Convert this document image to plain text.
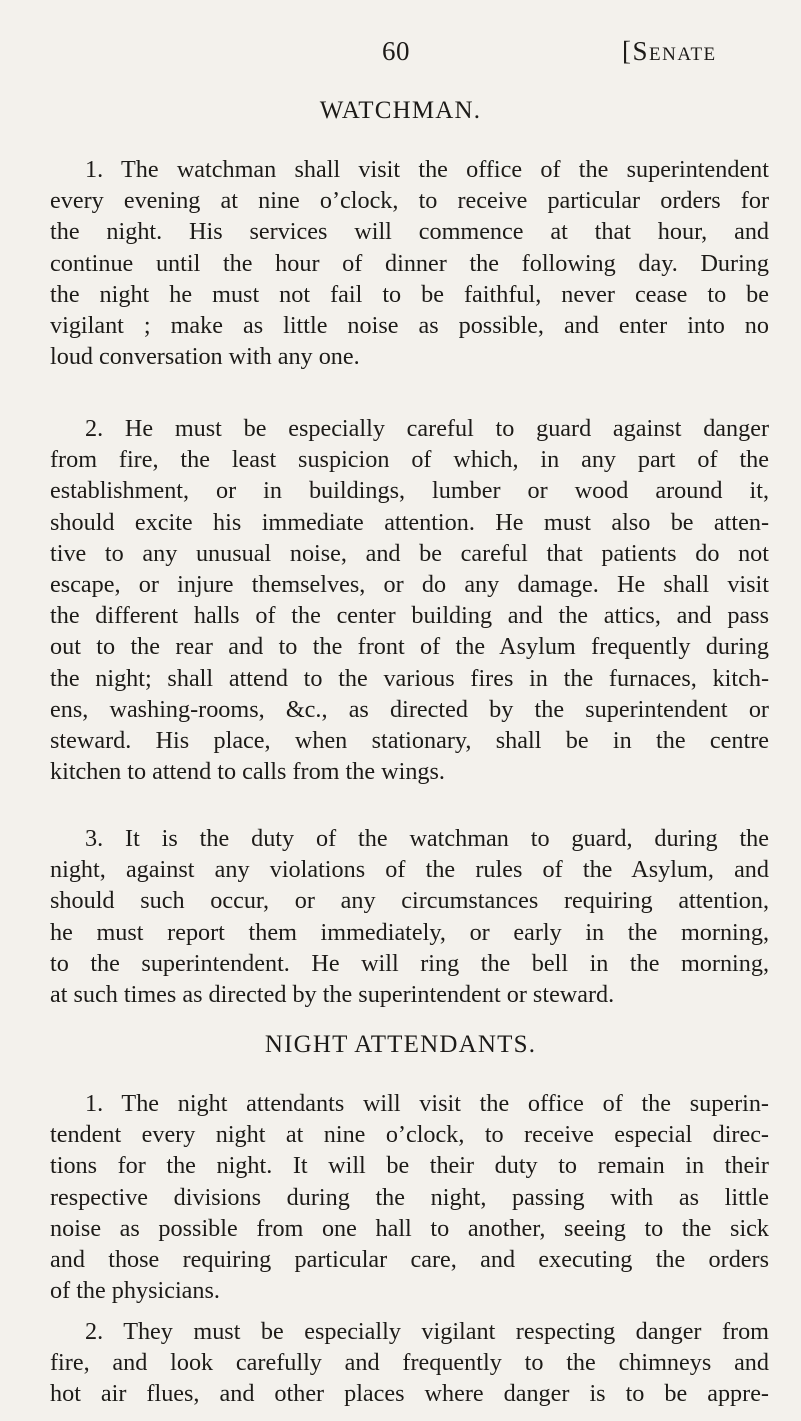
60	[Senate
WATCHMAN.
1. The watchman shall visit the office of the superintendent
every evening at nine o’clock, to receive particular orders for
the night. His services will commence at that hour, and
continue until the hour of dinner the following day. During
the night he must not fail to be faithful, never cease to be
vigilant ; make as little noise as possible, and enter into no
loud conversation with any one.
2. He must be especially careful to guard against danger
from fire, the least suspicion of which, in any part of the
establishment, or in buildings, lumber or wood around it,
should excite his immediate attention. He must also be atten-
tive to any unusual noise, and be careful that patients do not
escape, or injure themselves, or do any damage. He shall visit
the different halls of the center building and the attics, and pass
out to the rear and to the front of the Asylum frequently during
the night; shall attend to the various fires in the furnaces, kitch-
ens, washing-rooms, &c., as directed by the superintendent or
steward. His place, when stationary, shall be in the centre
kitchen to attend to calls from the wings.
3. It is the duty of the watchman to guard, during the
night, against any violations of the rules of the Asylum, and
should such occur, or any circumstances requiring attention,
he must report them immediately, or early in the morning,
to the superintendent. He will ring the bell in the morning,
at such times as directed by the superintendent or steward.
NIGHT ATTENDANTS.
1. The night attendants will visit the office of the superin-
tendent every night at nine o’clock, to receive especial direc-
tions for the night. It will be their duty to remain in their
respective divisions during the night, passing with as little
noise as possible from one hall to another, seeing to the sick
and those requiring particular care, and executing the orders
of the physicians.
2. They must be especially vigilant respecting danger from
fire, and look carefully and frequently to the chimneys and
hot air flues, and other places where danger is to be appre-
